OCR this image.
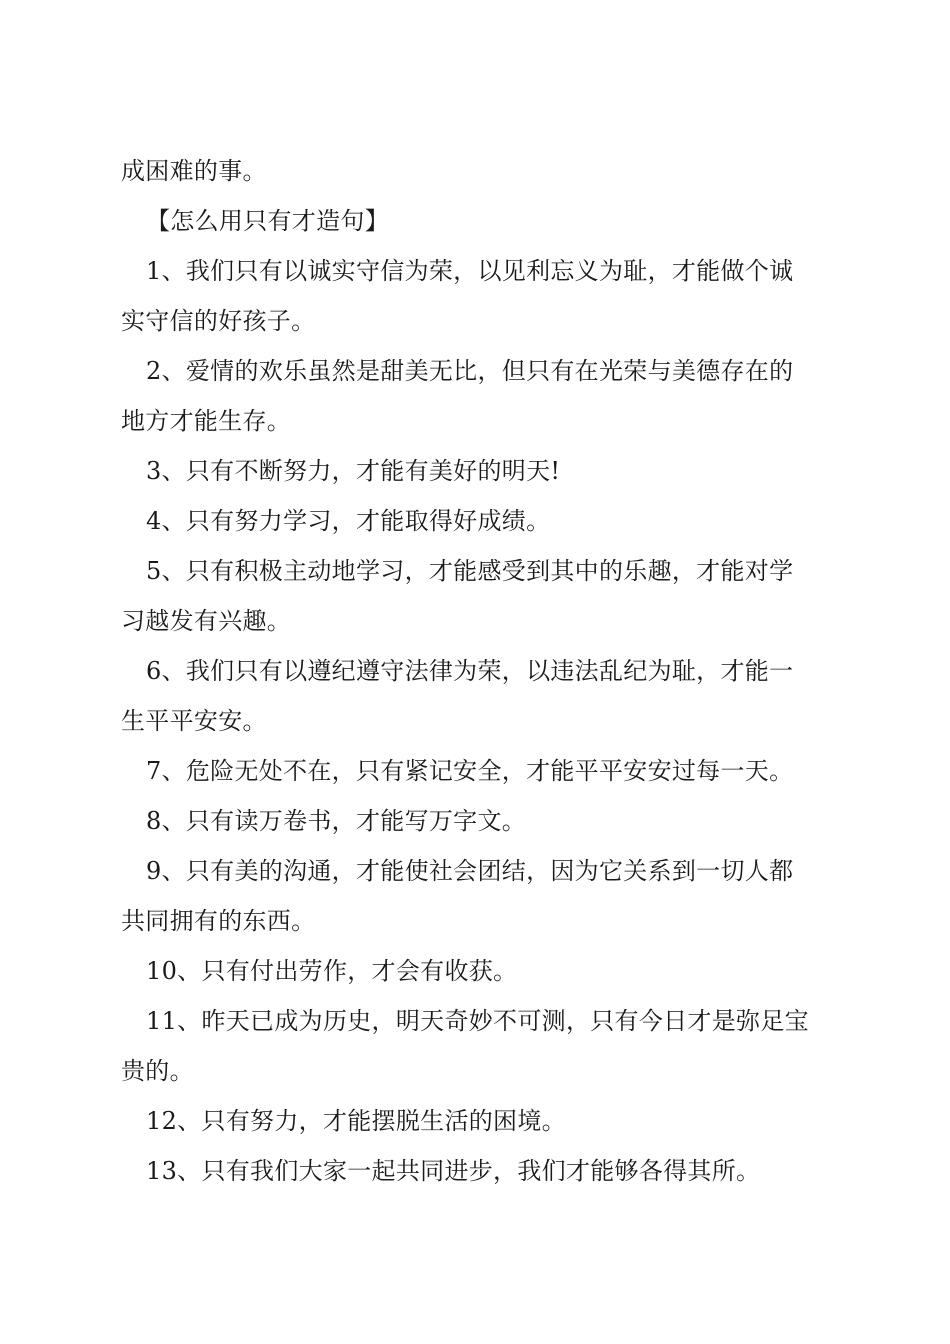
成困难的事。
【怎么用只有才造句】
1、我们只有以诚实守信为荣，以见利忘义为耻，才能做个诚
实守信的好孩子。
2、爱情的欢乐虽然是甜美无比，但只有在光荣与美德存在的
地方才能生存。
3、只有不断努力，才能有美好的明天!
4、只有努力学习，才能取得好成绩。
5、只有积极主动地学习，才能感受到其中的乐趣，才能对学
习越发有兴趣。
6、我们只有以遵纪遵守法律为荣，以违法乱纪为耻，才能一
生平平安安。
7、危险无处不在，只有紧记安全，才能平平安安过每一天。
8、只有读万卷书，才能写万字文。
9、只有美的沟通，才能使社会团结，因为它关系到一切人都
共同拥有的东西。
10、只有付出劳作，才会有收获。
11、昨天已成为历史，明天奇妙不可测，只有今日才是弥足宝
贵的。
12、只有努力，才能摆脱生活的困境。
13、只有我们大家一起共同进步，我们才能够各得其所。
